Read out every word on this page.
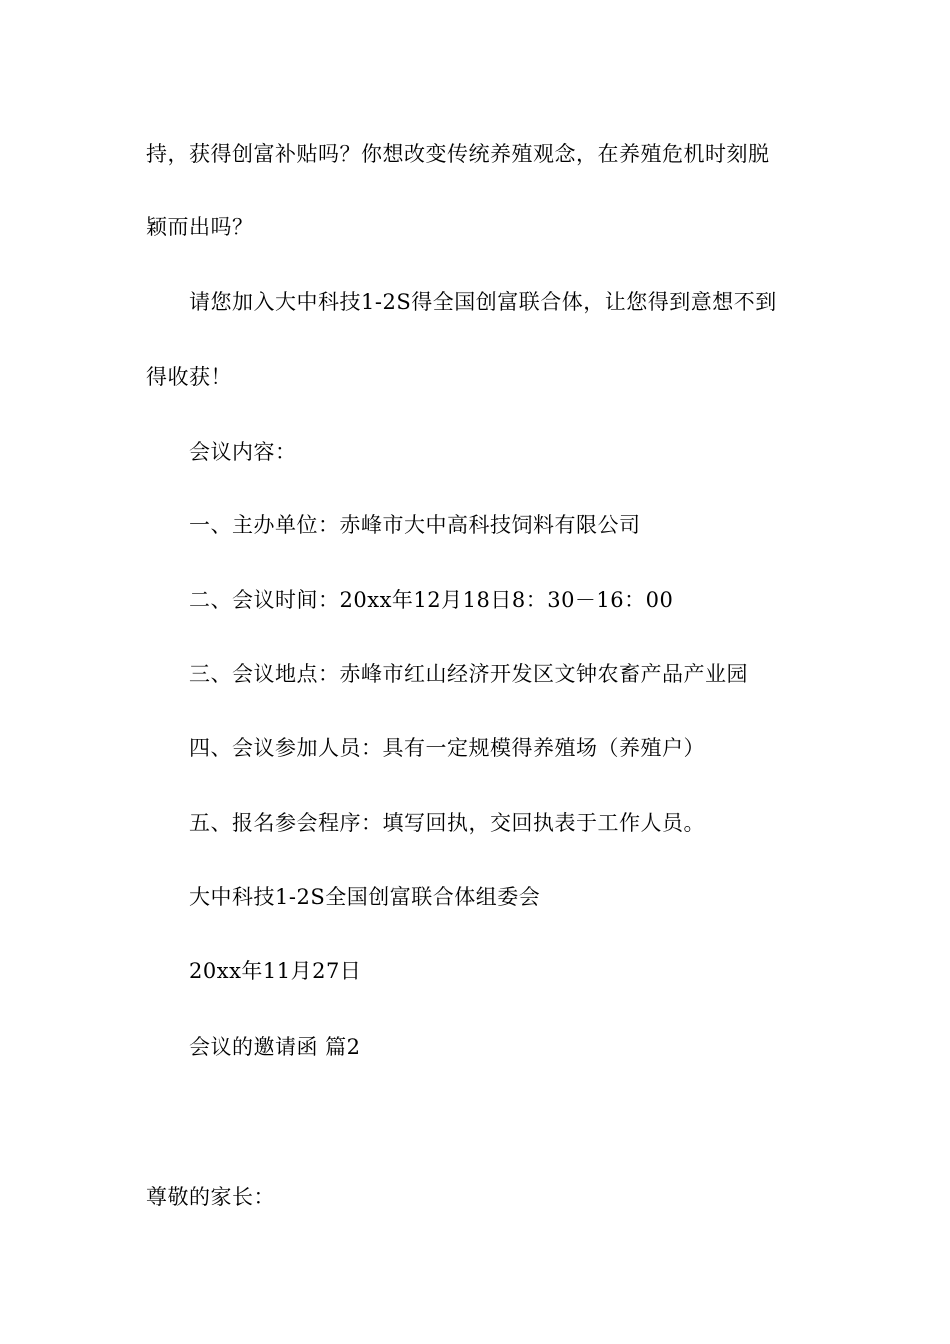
持，获得创富补贴吗？你想改变传统养殖观念，在养殖危机时刻脱
颖而出吗？
请您加入大中科技1-2S得全国创富联合体，让您得到意想不到
得收获！
会议内容：
一、主办单位：赤峰市大中高科技饲料有限公司
二、会议时间：20xx年12月18日8：30－16：00
三、会议地点：赤峰市红山经济开发区文钟农畜产品产业园
四、会议参加人员：具有一定规模得养殖场（养殖户）
五、报名参会程序：填写回执，交回执表于工作人员。
大中科技1-2S全国创富联合体组委会
20xx年11月27日
会议的邀请函 篇2
尊敬的家长：
